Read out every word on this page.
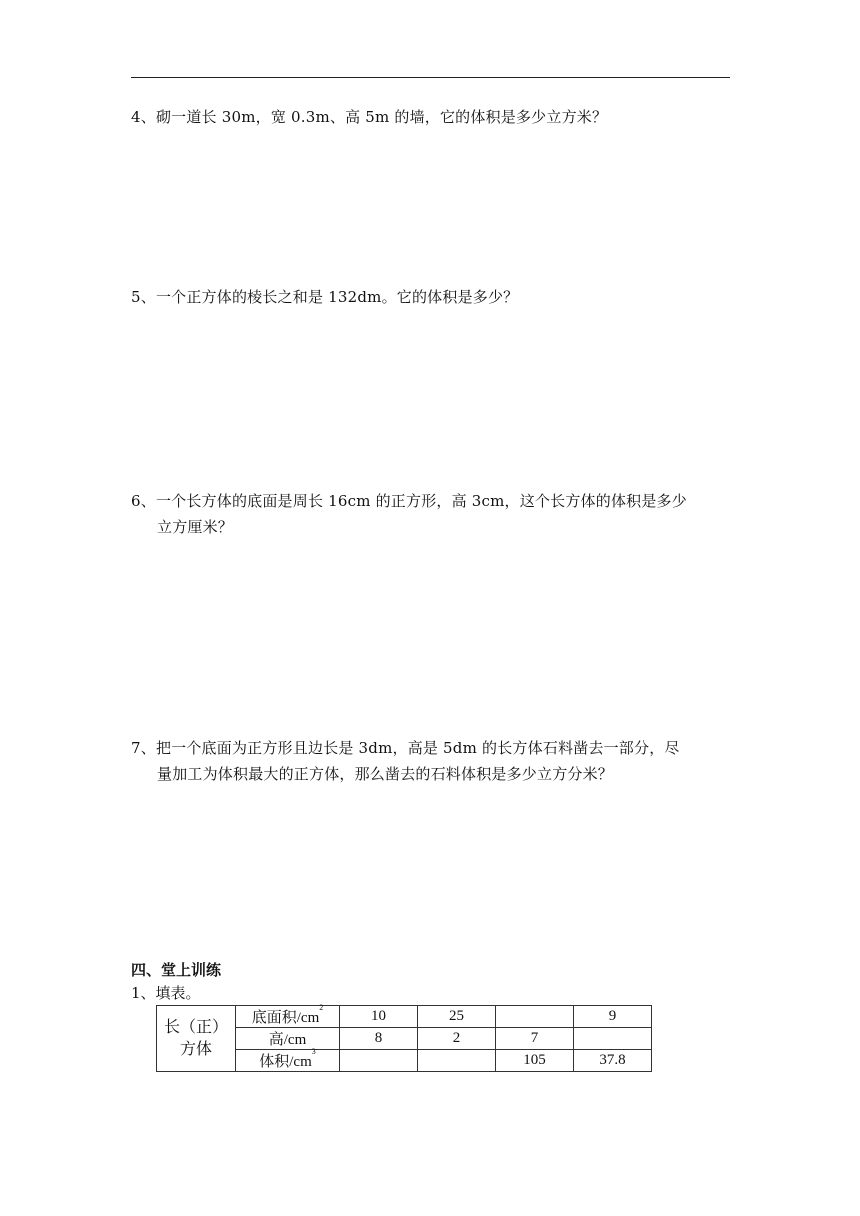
4、砌一道长 30m，宽 0.3m、高 5m 的墙，它的体积是多少立方米？
5、一个正方体的棱长之和是 132dm。它的体积是多少？
6、一个长方体的底面是周长 16cm 的正方形，高 3cm，这个长方体的体积是多少
立方厘米？
7、把一个底面为正方形且边长是 3dm，高是 5dm 的长方体石料凿去一部分，尽
量加工为体积最大的正方体，那么凿去的石料体积是多少立方分米？
四、堂上训练
1、填表。
长（正）
方体	底面积$/cm^2$	10	25		9
	高/cm	8	2	7	
	体积$/cm^3$			105	37.8
